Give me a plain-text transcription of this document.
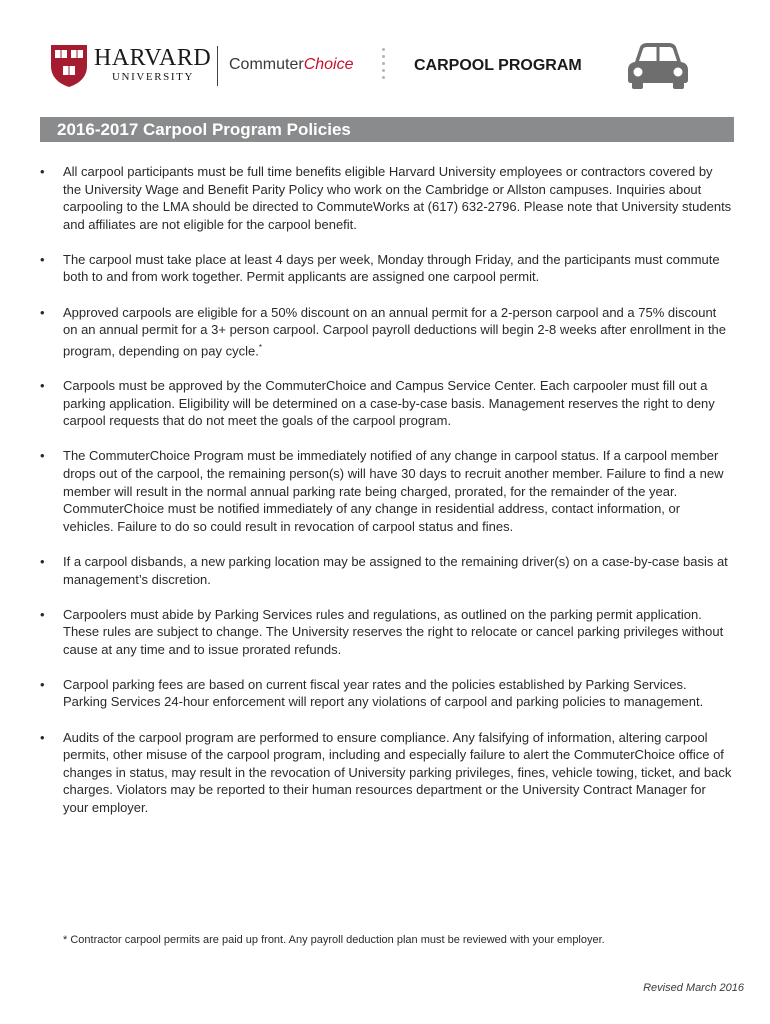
HARVARD
UNIVERSITY
CommuterChoice	CARPOOL PROGRAM
2016-2017 Carpool Program Policies
• All carpool participants must be full time benefits eligible Harvard University employees or contractors covered by the University Wage and Benefit Parity Policy who work on the Cambridge or Allston campuses. Inquiries about carpooling to the LMA should be directed to CommuteWorks at (617) 632-2796. Please note that University students and affiliates are not eligible for the carpool benefit.
• The carpool must take place at least 4 days per week, Monday through Friday, and the participants must commute both to and from work together. Permit applicants are assigned one carpool permit.
• Approved carpools are eligible for a 50% discount on an annual permit for a 2-person carpool and a 75% discount on an annual permit for a 3+ person carpool. Carpool payroll deductions will begin 2-8 weeks after enrollment in the program, depending on pay cycle.*
• Carpools must be approved by the CommuterChoice and Campus Service Center. Each carpooler must fill out a parking application. Eligibility will be determined on a case-by-case basis. Management reserves the right to deny carpool requests that do not meet the goals of the carpool program.
• The CommuterChoice Program must be immediately notified of any change in carpool status. If a carpool member drops out of the carpool, the remaining person(s) will have 30 days to recruit another member. Failure to find a new member will result in the normal annual parking rate being charged, prorated, for the remainder of the year. CommuterChoice must be notified immediately of any change in residential address, contact information, or vehicles. Failure to do so could result in revocation of carpool status and fines.
• If a carpool disbands, a new parking location may be assigned to the remaining driver(s) on a case-by-case basis at management’s discretion.
• Carpoolers must abide by Parking Services rules and regulations, as outlined on the parking permit application. These rules are subject to change. The University reserves the right to relocate or cancel parking privileges without cause at any time and to issue prorated refunds.
• Carpool parking fees are based on current fiscal year rates and the policies established by Parking Services. Parking Services 24-hour enforcement will report any violations of carpool and parking policies to management.
• Audits of the carpool program are performed to ensure compliance. Any falsifying of information, altering carpool permits, other misuse of the carpool program, including and especially failure to alert the CommuterChoice office of changes in status, may result in the revocation of University parking privileges, fines, vehicle towing, ticket, and back charges. Violators may be reported to their human resources department or the University Contract Manager for your employer.
* Contractor carpool permits are paid up front. Any payroll deduction plan must be reviewed with your employer.
Revised March 2016
